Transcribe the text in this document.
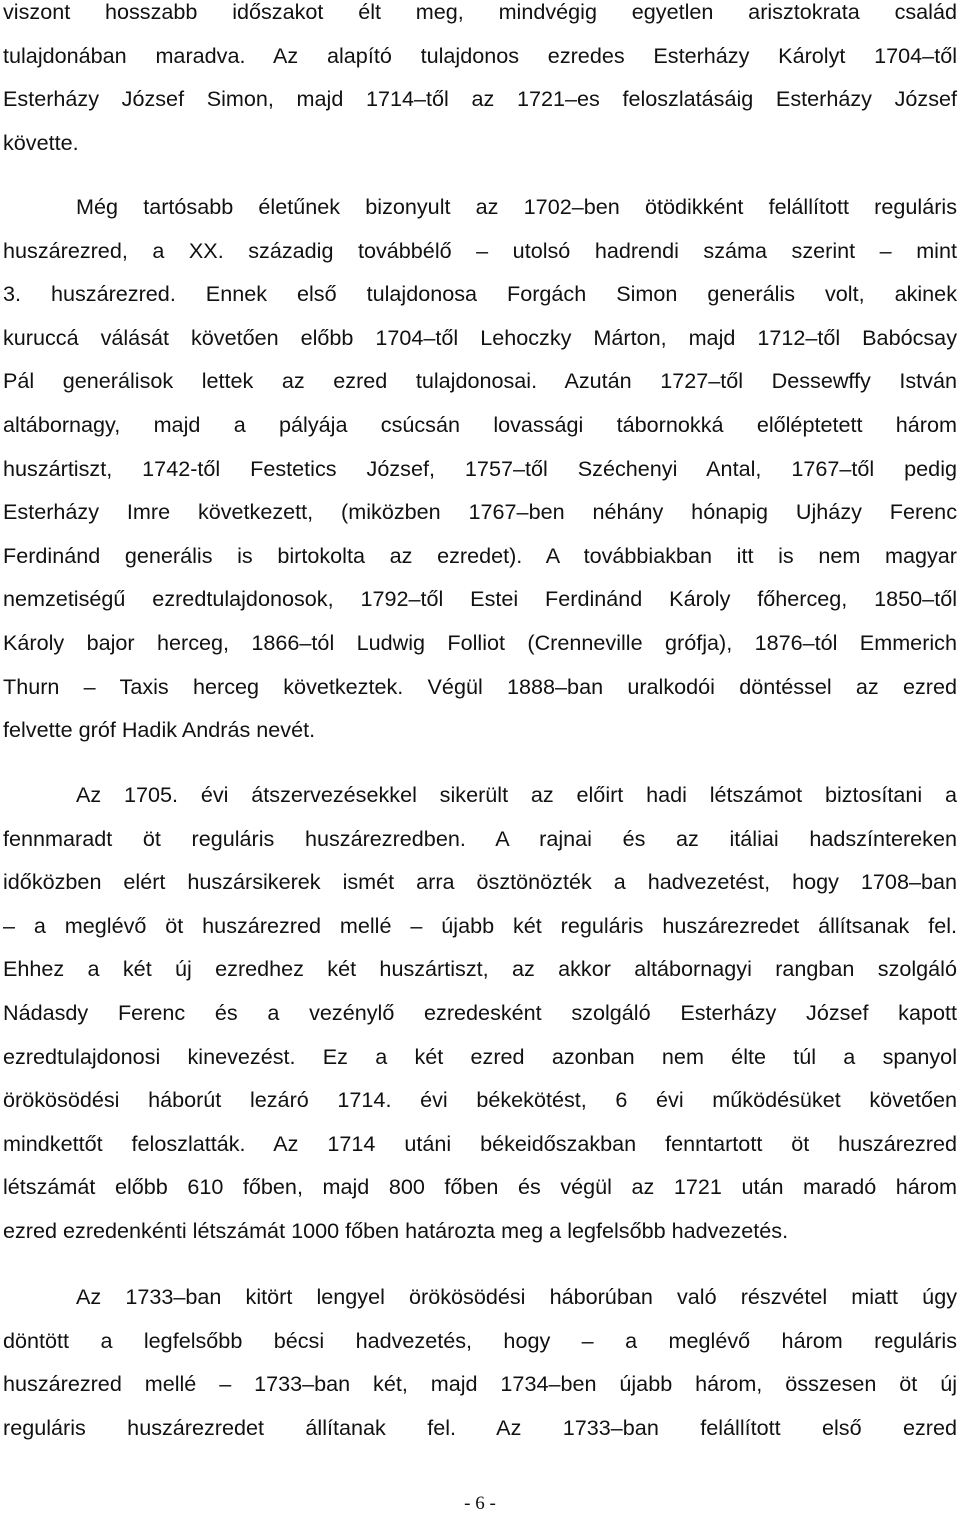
viszont hosszabb időszakot élt meg, mindvégig egyetlen arisztokrata család
tulajdonában maradva. Az alapító tulajdonos ezredes Esterházy Károlyt 1704–től
Esterházy József Simon, majd 1714–től az 1721–es feloszlatásáig Esterházy József
követte.
Még tartósabb életűnek bizonyult az 1702–ben ötödikként felállított reguláris
huszárezred, a XX. századig továbbélő – utolsó hadrendi száma szerint – mint
3. huszárezred. Ennek első tulajdonosa Forgách Simon generális volt, akinek
kuruccá válását követően előbb 1704–től Lehoczky Márton, majd 1712–től Babócsay
Pál generálisok lettek az ezred tulajdonosai. Azután 1727–től Dessewffy István
altábornagy, majd a pályája csúcsán lovassági tábornokká előléptetett három
huszártiszt, 1742-től Festetics József, 1757–től Széchenyi Antal, 1767–től pedig
Esterházy Imre következett, (miközben 1767–ben néhány hónapig Ujházy Ferenc
Ferdinánd generális is birtokolta az ezredet). A továbbiakban itt is nem magyar
nemzetiségű ezredtulajdonosok, 1792–től Estei Ferdinánd Károly főherceg, 1850–től
Károly bajor herceg, 1866–tól Ludwig Folliot (Crenneville grófja), 1876–tól Emmerich
Thurn – Taxis herceg következtek. Végül 1888–ban uralkodói döntéssel az ezred
felvette gróf Hadik András nevét.
Az 1705. évi átszervezésekkel sikerült az előirt hadi létszámot biztosítani a
fennmaradt öt reguláris huszárezredben. A rajnai és az itáliai hadszíntereken
időközben elért huszársikerek ismét arra ösztönözték a hadvezetést, hogy 1708–ban
– a meglévő öt huszárezred mellé – újabb két reguláris huszárezredet állítsanak fel.
Ehhez a két új ezredhez két huszártiszt, az akkor altábornagyi rangban szolgáló
Nádasdy Ferenc és a vezénylő ezredesként szolgáló Esterházy József kapott
ezredtulajdonosi kinevezést. Ez a két ezred azonban nem élte túl a spanyol
örökösödési háborút lezáró 1714. évi békekötést, 6 évi működésüket követően
mindkettőt feloszlatták. Az 1714 utáni békeidőszakban fenntartott öt huszárezred
létszámát előbb 610 főben, majd 800 főben és végül az 1721 után maradó három
ezred ezredenkénti létszámát 1000 főben határozta meg a legfelsőbb hadvezetés.
Az 1733–ban kitört lengyel örökösödési háborúban való részvétel miatt úgy
döntött a legfelsőbb bécsi hadvezetés, hogy – a meglévő három reguláris
huszárezred mellé – 1733–ban két, majd 1734–ben újabb három, összesen öt új
reguláris huszárezredet állítanak fel. Az 1733–ban felállított első ezred
- 6 -
